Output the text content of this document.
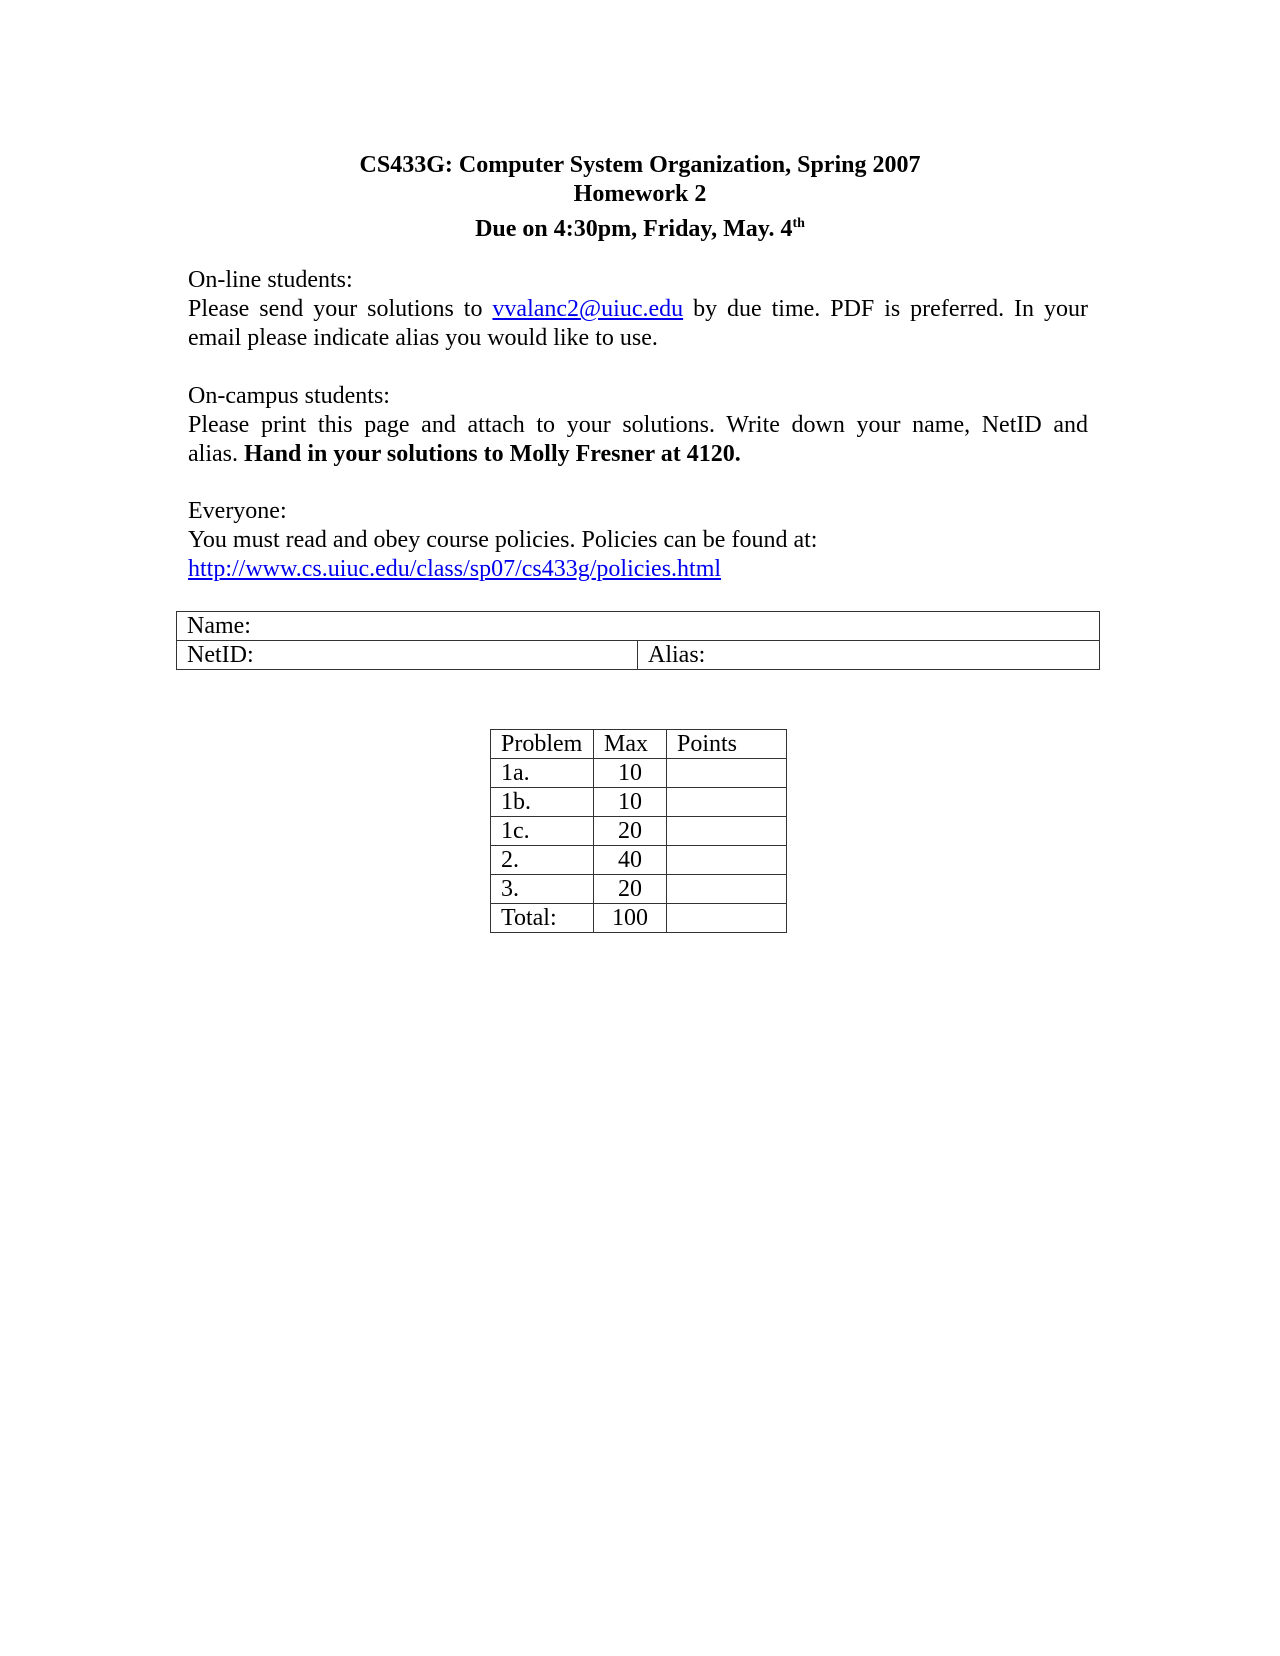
CS433G: Computer System Organization, Spring 2007
Homework 2
Due on 4:30pm, Friday, May. 4th
On-line students:
Please send your solutions to vvalanc2@uiuc.edu by due time. PDF is preferred. In your
email please indicate alias you would like to use.
On-campus students:
Please print this page and attach to your solutions. Write down your name, NetID and
alias. Hand in your solutions to Molly Fresner at 4120.
Everyone:
You must read and obey course policies. Policies can be found at:
http://www.cs.uiuc.edu/class/sp07/cs433g/policies.html
Name:
NetID:	Alias:
Problem	Max	Points
1a.	10	
1b.	10	
1c.	20	
2.	40	
3.	20	
Total:	100	
